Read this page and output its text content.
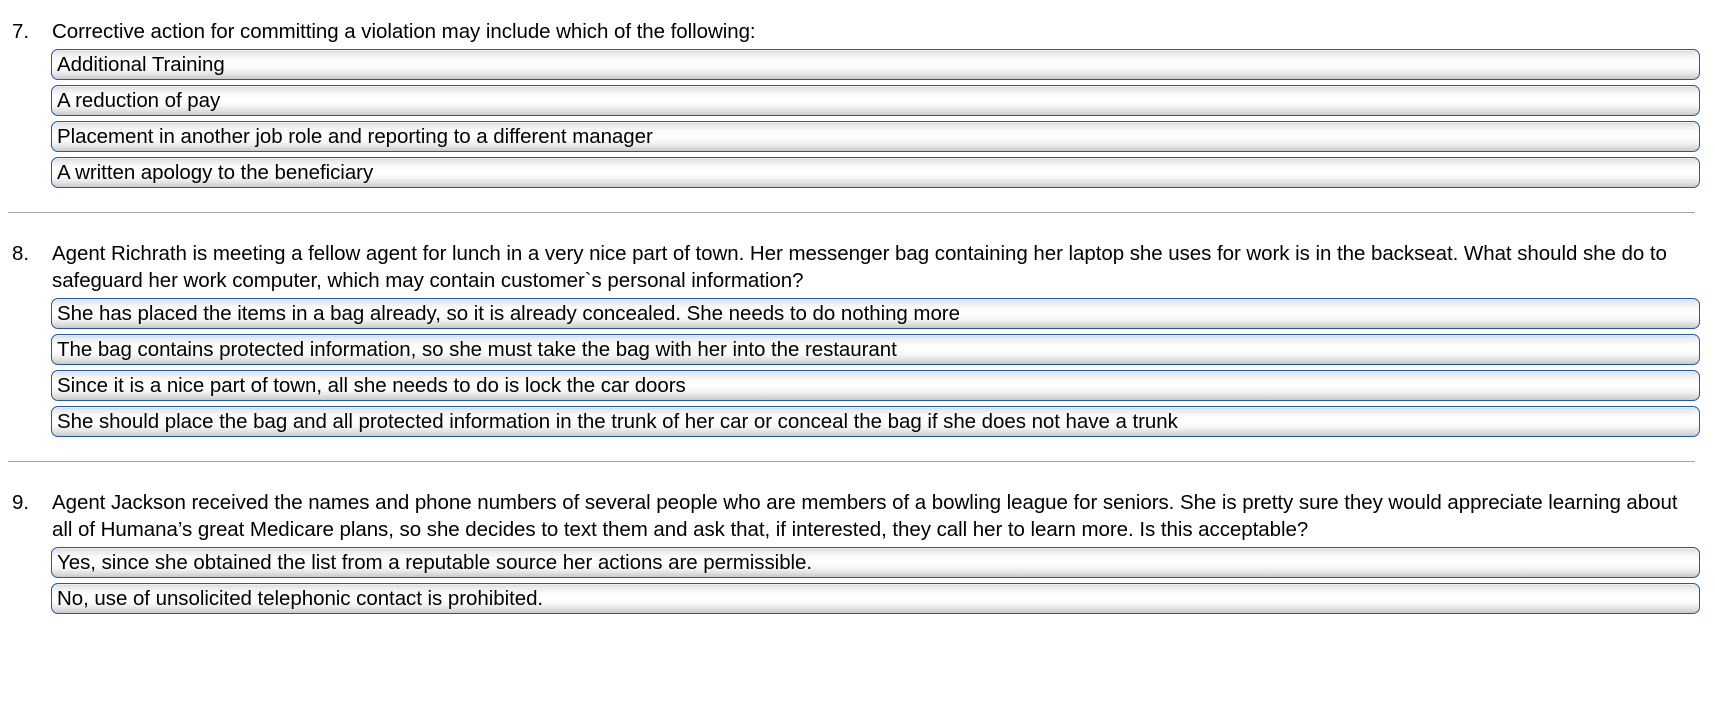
7.	Corrective action for committing a violation may include which of the following:
Additional Training
A reduction of pay
Placement in another job role and reporting to a different manager
A written apology to the beneficiary
8.	Agent Richrath is meeting a fellow agent for lunch in a very nice part of town. Her messenger bag containing her laptop she uses for work is in the backseat. What should she do to safeguard her work computer, which may contain customer`s personal information?
She has placed the items in a bag already, so it is already concealed. She needs to do nothing more
The bag contains protected information, so she must take the bag with her into the restaurant
Since it is a nice part of town, all she needs to do is lock the car doors
She should place the bag and all protected information in the trunk of her car or conceal the bag if she does not have a trunk
9.	Agent Jackson received the names and phone numbers of several people who are members of a bowling league for seniors. She is pretty sure they would appreciate learning about all of Humana’s great Medicare plans, so she decides to text them and ask that, if interested, they call her to learn more. Is this acceptable?
Yes, since she obtained the list from a reputable source her actions are permissible.
No, use of unsolicited telephonic contact is prohibited.
